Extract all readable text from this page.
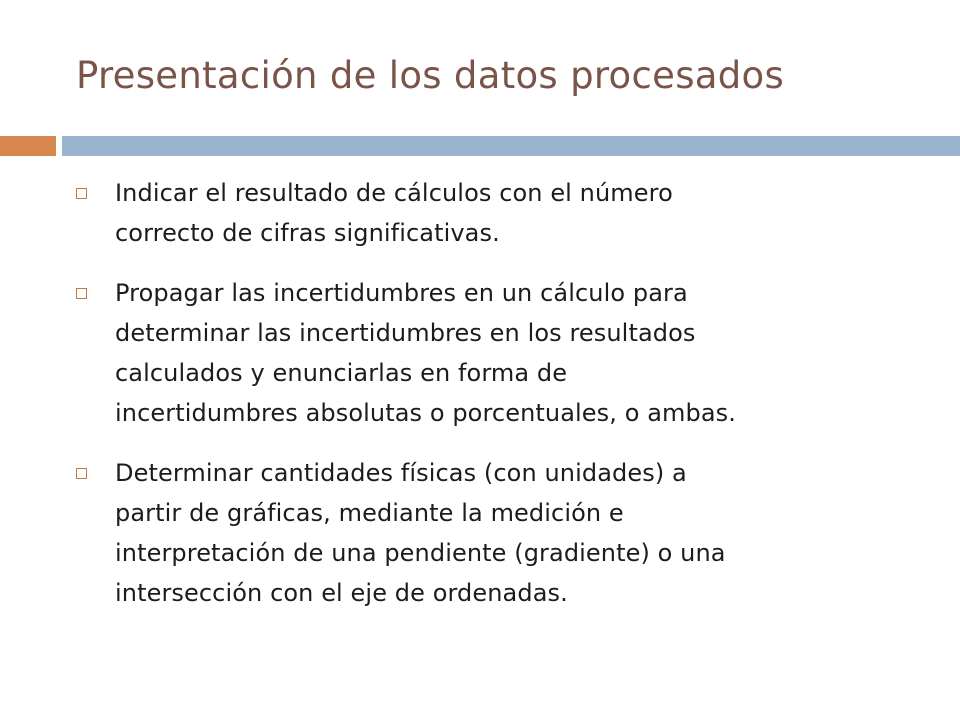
Presentación de los datos procesados
Indicar el resultado de cálculos con el número
correcto de cifras significativas.
Propagar las incertidumbres en un cálculo para
determinar las incertidumbres en los resultados
calculados y enunciarlas en forma de
incertidumbres absolutas o porcentuales, o ambas.
Determinar cantidades físicas (con unidades) a
partir de gráficas, mediante la medición e
interpretación de una pendiente (gradiente) o una
intersección con el eje de ordenadas.
